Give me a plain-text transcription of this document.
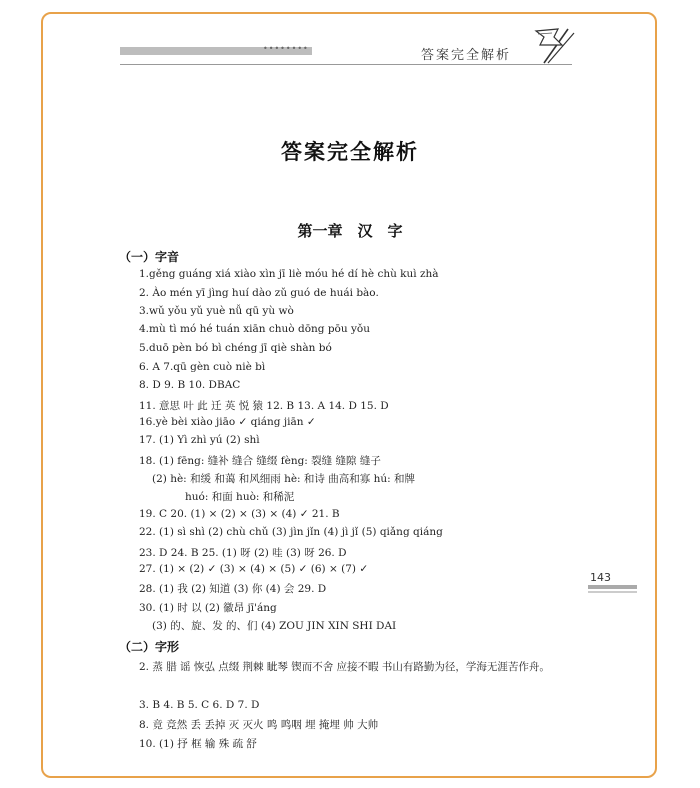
••••••••	答案完全解析
答案完全解析
第一章　汉　字
（一）字音
1.gěng guáng xiá xiào xìn jī liè móu hé dí hè chù kuì zhà
2. Ào mén yī jìng huí dào zǔ guó de huái bào.
3.wǔ yǒu yǔ yuè nǚ qū yù wò
4.mù tì mó hé tuán xiān chuò dōng pōu yǒu
5.duō pèn bó bì chéng jī qiè shàn bó
6. A 7.qū gèn cuò niè bì
8. D 9. B 10. DBAC
11. 意思 叶 此 迁 英 悦 猿 12. B 13. A 14. D 15. D
16.yè bèi xiào jiāo ✓ qiáng jiān ✓
17. (1) Yì zhì yú (2) shì
18. (1) fēng: 缝补 缝合 缝缀 fèng: 裂缝 缝隙 缝子
(2) hè: 和缓 和蔼 和风细雨 hè: 和诗 曲高和寡 hú: 和牌
huó: 和面 huò: 和稀泥
19. C 20. (1) × (2) × (3) × (4) ✓ 21. B
22. (1) sì shì (2) chù chǔ (3) jìn jǐn (4) jì jǐ (5) qiǎng qiáng
23. D 24. B 25. (1) 呀 (2) 哇 (3) 呀 26. D
27. (1) × (2) ✓ (3) × (4) × (5) ✓ (6) × (7) ✓
28. (1) 我 (2) 知道 (3) 你 (4) 会 29. D
30. (1) 时 以 (2) 徽昂 jī'áng
(3) 的、旋、发 的、们 (4) ZOU JIN XIN SHI DAI
（二）字形
2. 蒸 腊 谣 恢弘 点缀 荆棘 眦琴 锲而不舍 应接不暇 书山有路勤为径，学海无涯苦作舟。
3. B 4. B 5. C 6. D 7. D
8. 竟 竞然 丢 丢掉 灭 灭火 鸣 鸣咽 埋 掩埋 帅 大帅
10. (1) 抒 框 输 殊 疏 舒
143
